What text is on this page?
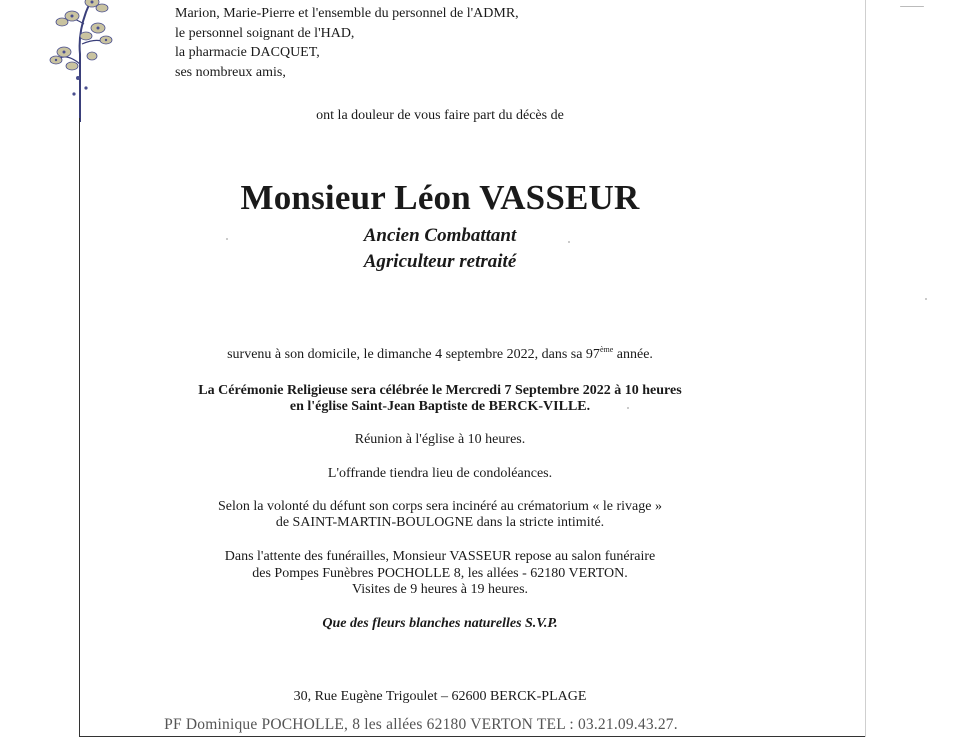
Marion, Marie-Pierre et l'ensemble du personnel de l'ADMR,
le personnel soignant de l'HAD,
la pharmacie DACQUET,
ses nombreux amis,
ont la douleur de vous faire part du décès de
Monsieur Léon VASSEUR
Ancien Combattant
Agriculteur retraité
survenu à son domicile, le dimanche 4 septembre 2022, dans sa 97ème année.
La Cérémonie Religieuse sera célébrée le Mercredi 7 Septembre 2022 à 10 heures
en l'église Saint-Jean Baptiste de BERCK-VILLE.
Réunion à l'église à 10 heures.
L'offrande tiendra lieu de condoléances.
Selon la volonté du défunt son corps sera incinéré au crématorium « le rivage »
de SAINT-MARTIN-BOULOGNE dans la stricte intimité.
Dans l'attente des funérailles, Monsieur VASSEUR repose au salon funéraire
des Pompes Funèbres POCHOLLE 8, les allées - 62180 VERTON.
Visites de 9 heures à 19 heures.
Que des fleurs blanches naturelles S.V.P.
30, Rue Eugène Trigoulet – 62600 BERCK-PLAGE
PF Dominique POCHOLLE, 8 les allées 62180 VERTON TEL : 03.21.09.43.27.
